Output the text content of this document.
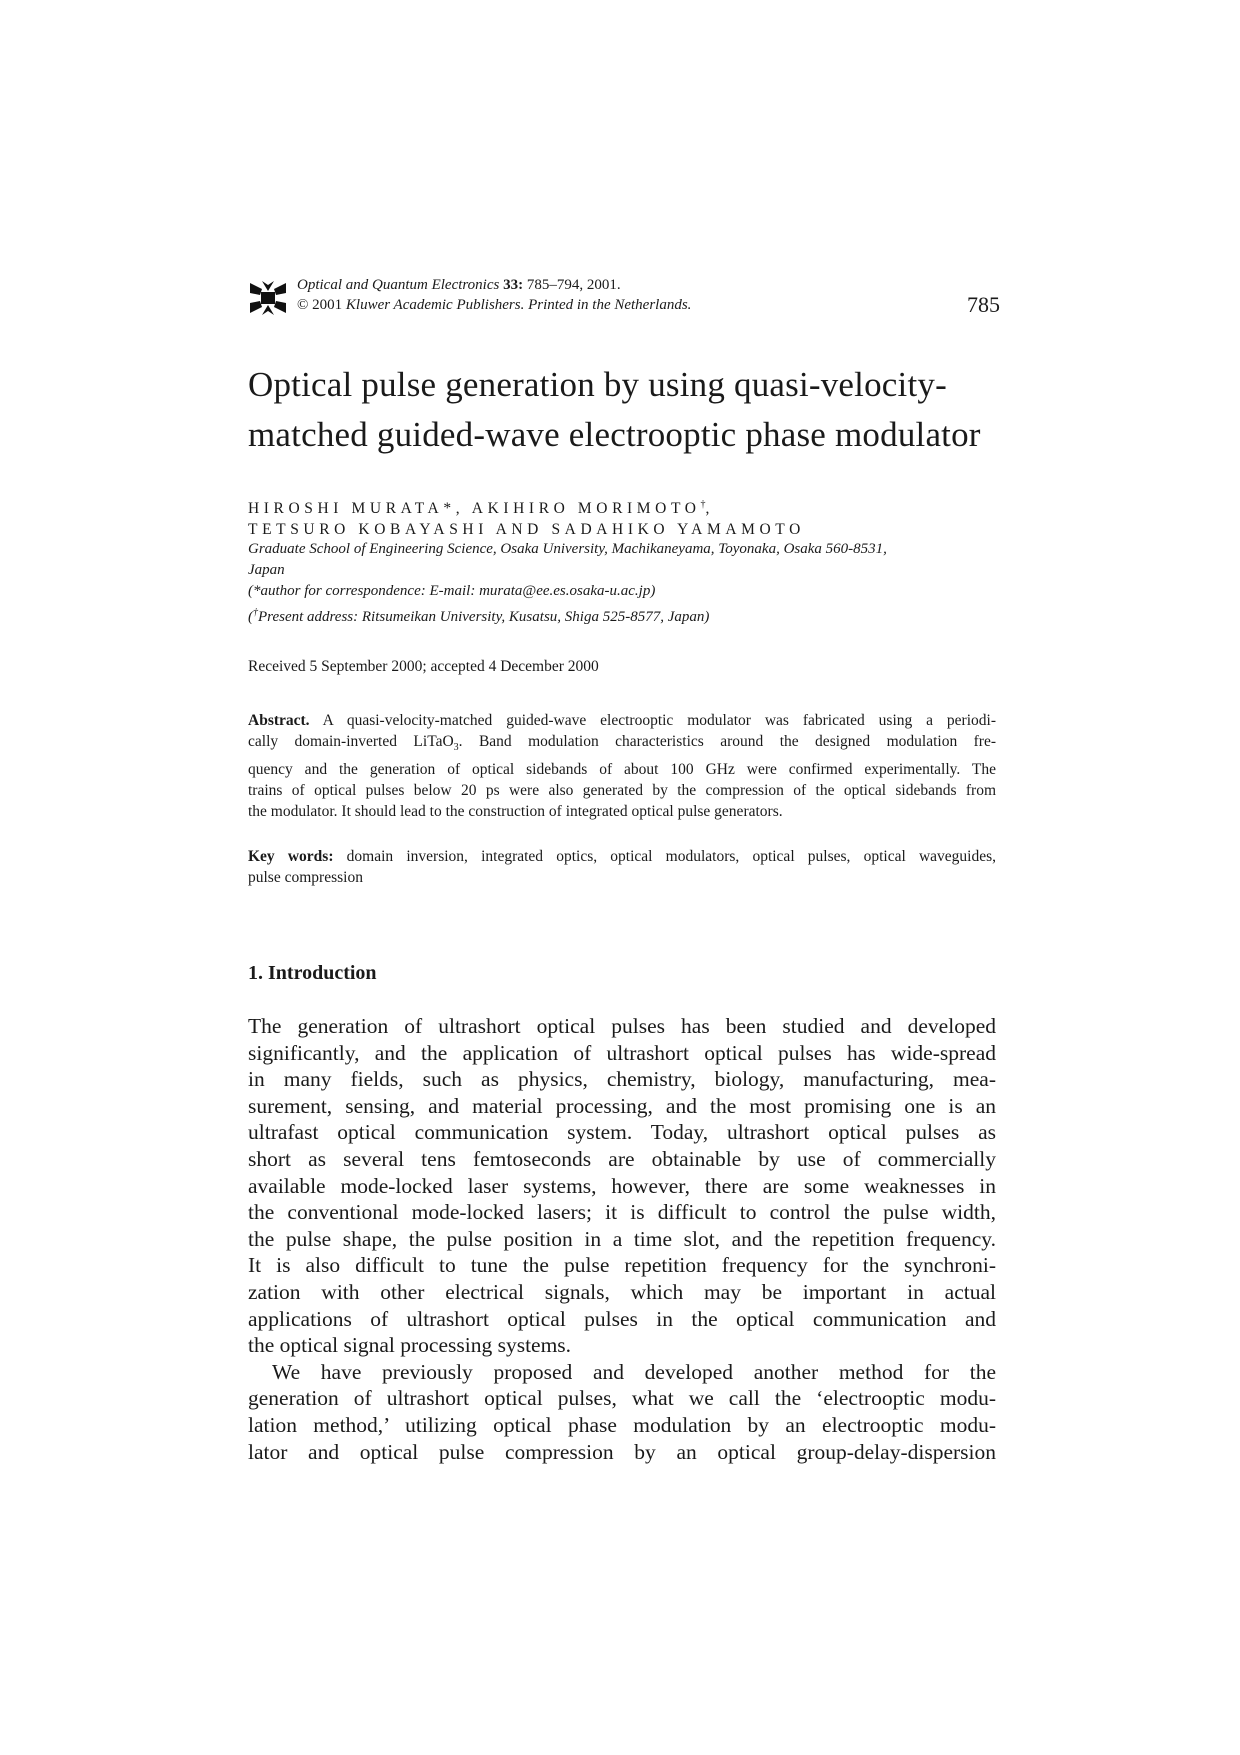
Optical and Quantum Electronics 33: 785–794, 2001.
© 2001 Kluwer Academic Publishers. Printed in the Netherlands.	785
Optical pulse generation by using quasi-velocity-
matched guided-wave electrooptic phase modulator
HIROSHI MURATA*, AKIHIRO MORIMOTO†,
TETSURO KOBAYASHI AND SADAHIKO YAMAMOTO
Graduate School of Engineering Science, Osaka University, Machikaneyama, Toyonaka, Osaka 560-8531,
Japan
(*author for correspondence: E-mail: murata@ee.es.osaka-u.ac.jp)
(†Present address: Ritsumeikan University, Kusatsu, Shiga 525-8577, Japan)
Received 5 September 2000; accepted 4 December 2000
Abstract. A quasi-velocity-matched guided-wave electrooptic modulator was fabricated using a periodi-
cally domain-inverted LiTaO$_3$. Band modulation characteristics around the designed modulation fre-
quency and the generation of optical sidebands of about 100 GHz were confirmed experimentally. The
trains of optical pulses below 20 ps were also generated by the compression of the optical sidebands from
the modulator. It should lead to the construction of integrated optical pulse generators.
Key words: domain inversion, integrated optics, optical modulators, optical pulses, optical waveguides,
pulse compression
1. Introduction
The generation of ultrashort optical pulses has been studied and developed
significantly, and the application of ultrashort optical pulses has wide-spread
in many fields, such as physics, chemistry, biology, manufacturing, mea-
surement, sensing, and material processing, and the most promising one is an
ultrafast optical communication system. Today, ultrashort optical pulses as
short as several tens femtoseconds are obtainable by use of commercially
available mode-locked laser systems, however, there are some weaknesses in
the conventional mode-locked lasers; it is difficult to control the pulse width,
the pulse shape, the pulse position in a time slot, and the repetition frequency.
It is also difficult to tune the pulse repetition frequency for the synchroni-
zation with other electrical signals, which may be important in actual
applications of ultrashort optical pulses in the optical communication and
the optical signal processing systems.
We have previously proposed and developed another method for the
generation of ultrashort optical pulses, what we call the ‘electrooptic modu-
lation method,’ utilizing optical phase modulation by an electrooptic modu-
lator and optical pulse compression by an optical group-delay-dispersion
